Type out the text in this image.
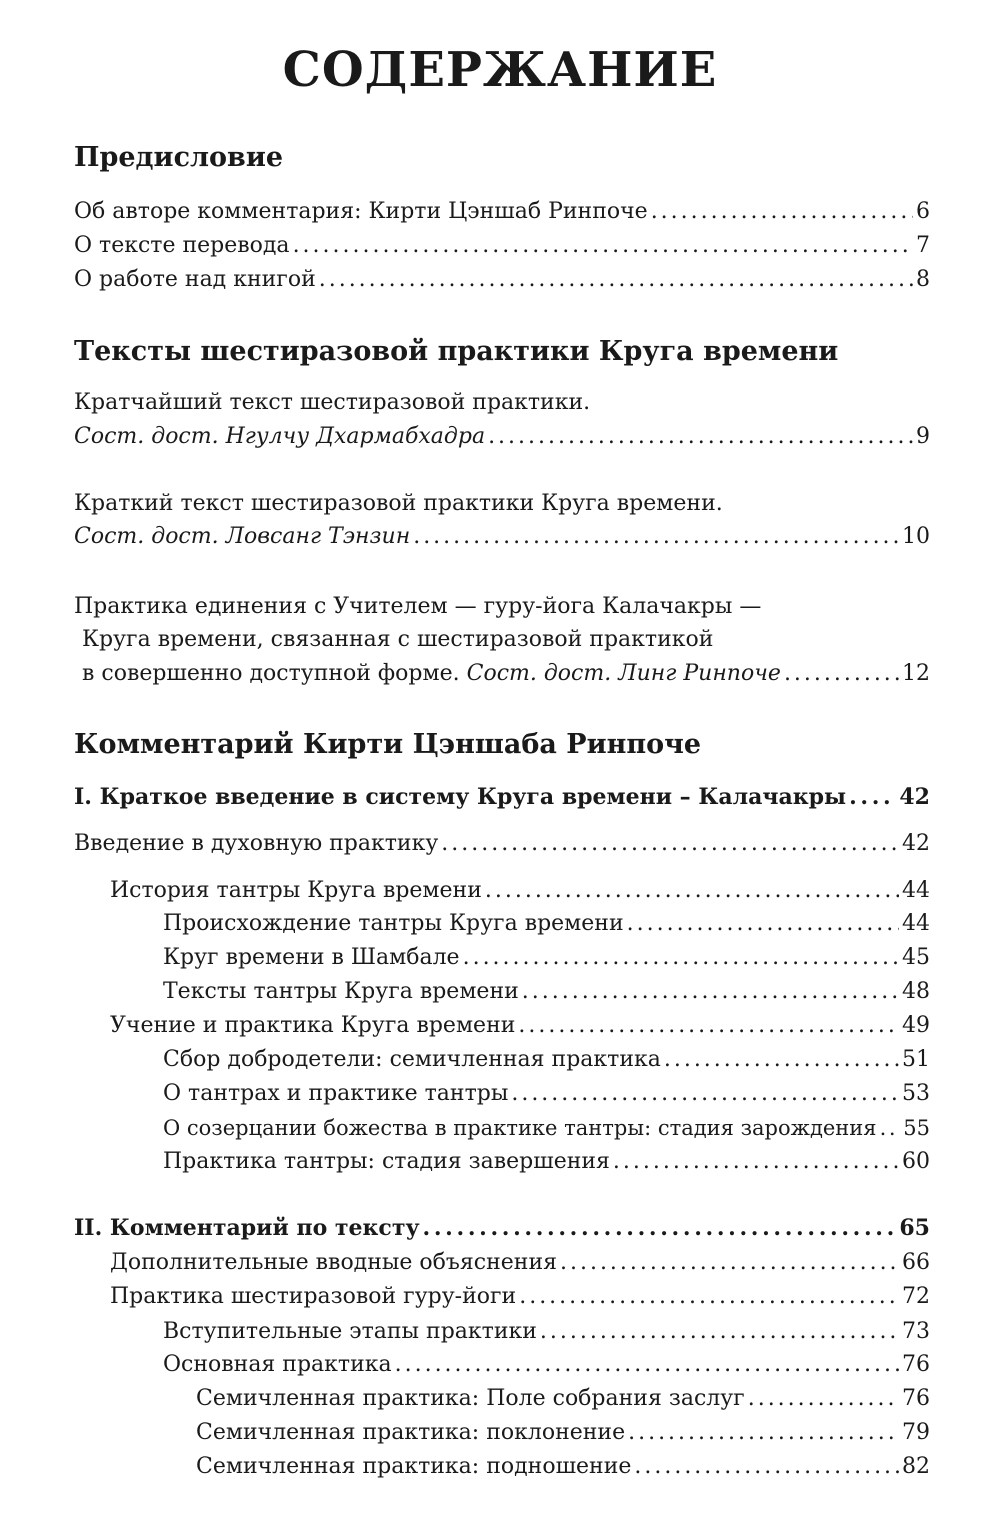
СОДЕРЖАНИЕ
Предисловие
Об авторе комментария: Кирти Цэншаб Ринпоче . . .	6
О тексте перевода . . .	7
О работе над книгой . . .	8
Тексты шестиразовой практики Круга времени
Кратчайший текст шестиразовой практики.
Сост. дост. Нгулчу Дхармабхадра . . .	9
Краткий текст шестиразовой практики Круга времени.
Сост. дост. Ловсанг Тэнзин . . .	10
Практика единения с Учителем — гуру-йога Калачакры —
Круга времени, связанная с шестиразовой практикой
в совершенно доступной форме.
Сост. дост. Линг Ринпоче . . .	12
Комментарий Кирти Цэншаба Ринпоче
I. Краткое введение в систему Круга времени – Калачакры . . . 42
Введение в духовную практику . . .	42
История тантры Круга времени . . .	44
Происхождение тантры Круга времени . . .	44
Круг времени в Шамбале . . .	45
Тексты тантры Круга времени . . .	48
Учение и практика Круга времени . . .	49
Сбор добродетели: семичленная практика . . .	51
О тантрах и практике тантры . . .	53
О созерцании божества в практике тантры: стадия зарождения . . . 55
Практика тантры: стадия завершения . . .	60
II. Комментарий по тексту . . .	65
Дополнительные вводные объяснения . . .	66
Практика шестиразовой гуру-йоги . . .	72
Вступительные этапы практики . . .	73
Основная практика . . .	76
Семичленная практика: Поле собрания заслуг . . .	76
Семичленная практика: поклонение . . .	79
Семичленная практика: подношение . . .	82
